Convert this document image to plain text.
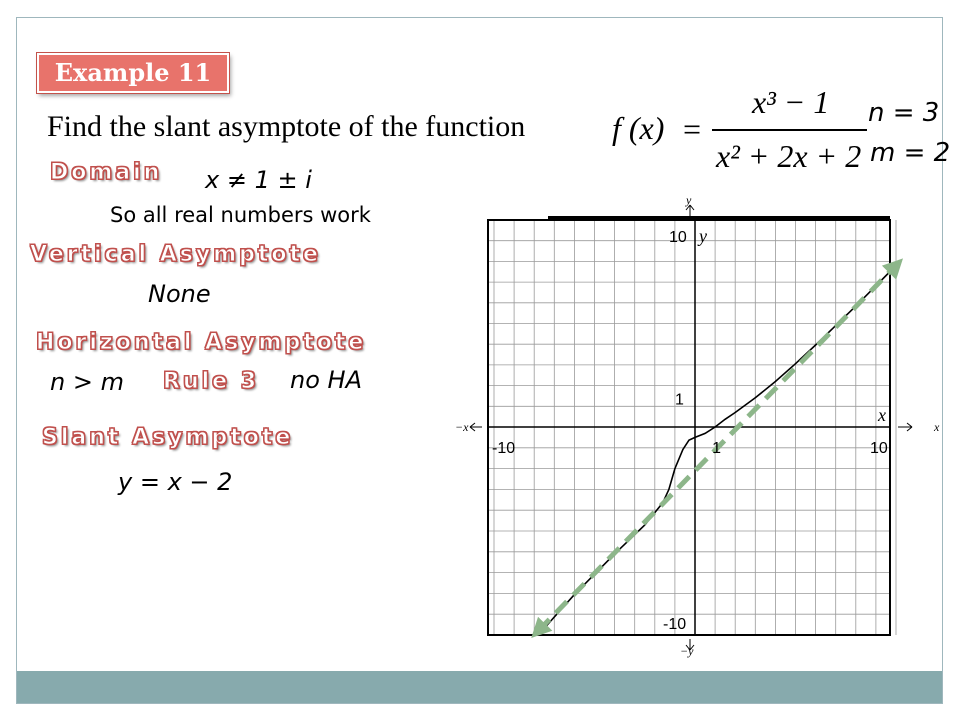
Example 11
Find the slant asymptote of the function	f (x) =
x³ − 1
x² + 2x + 2
n = 3
m = 2
Domain x ≠ 1 ± i
So all real numbers work
Vertical Asymptote
None
Horizontal Asymptote
n > m Rule 3 no HA
Slant Asymptote
y = x − 2
-10	1	10
10
1
-10
x
y
−x	x
y
−y
